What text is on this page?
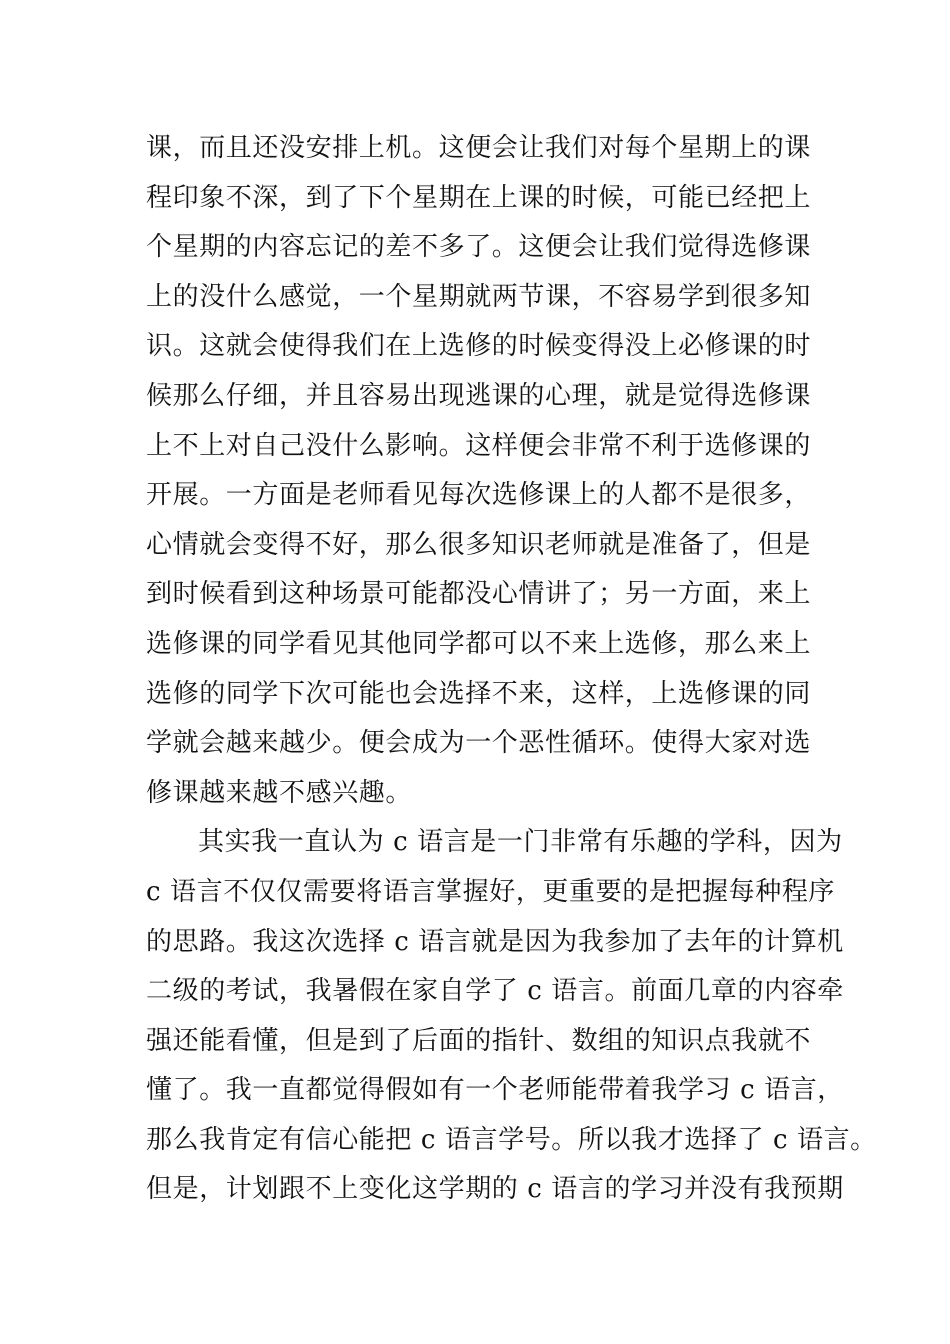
课，而且还没安排上机。这便会让我们对每个星期上的课
程印象不深，到了下个星期在上课的时候，可能已经把上
个星期的内容忘记的差不多了。这便会让我们觉得选修课
上的没什么感觉，一个星期就两节课，不容易学到很多知
识。这就会使得我们在上选修的时候变得没上必修课的时
候那么仔细，并且容易出现逃课的心理，就是觉得选修课
上不上对自己没什么影响。这样便会非常不利于选修课的
开展。一方面是老师看见每次选修课上的人都不是很多，
心情就会变得不好，那么很多知识老师就是准备了，但是
到时候看到这种场景可能都没心情讲了；另一方面，来上
选修课的同学看见其他同学都可以不来上选修，那么来上
选修的同学下次可能也会选择不来，这样，上选修课的同
学就会越来越少。便会成为一个恶性循环。使得大家对选
修课越来越不感兴趣。
其实我一直认为 c 语言是一门非常有乐趣的学科，因为
c 语言不仅仅需要将语言掌握好，更重要的是把握每种程序
的思路。我这次选择 c 语言就是因为我参加了去年的计算机
二级的考试，我暑假在家自学了 c 语言。前面几章的内容牵
强还能看懂，但是到了后面的指针、数组的知识点我就不
懂了。我一直都觉得假如有一个老师能带着我学习 c 语言，
那么我肯定有信心能把 c 语言学号。所以我才选择了 c 语言。
但是，计划跟不上变化这学期的 c 语言的学习并没有我预期
